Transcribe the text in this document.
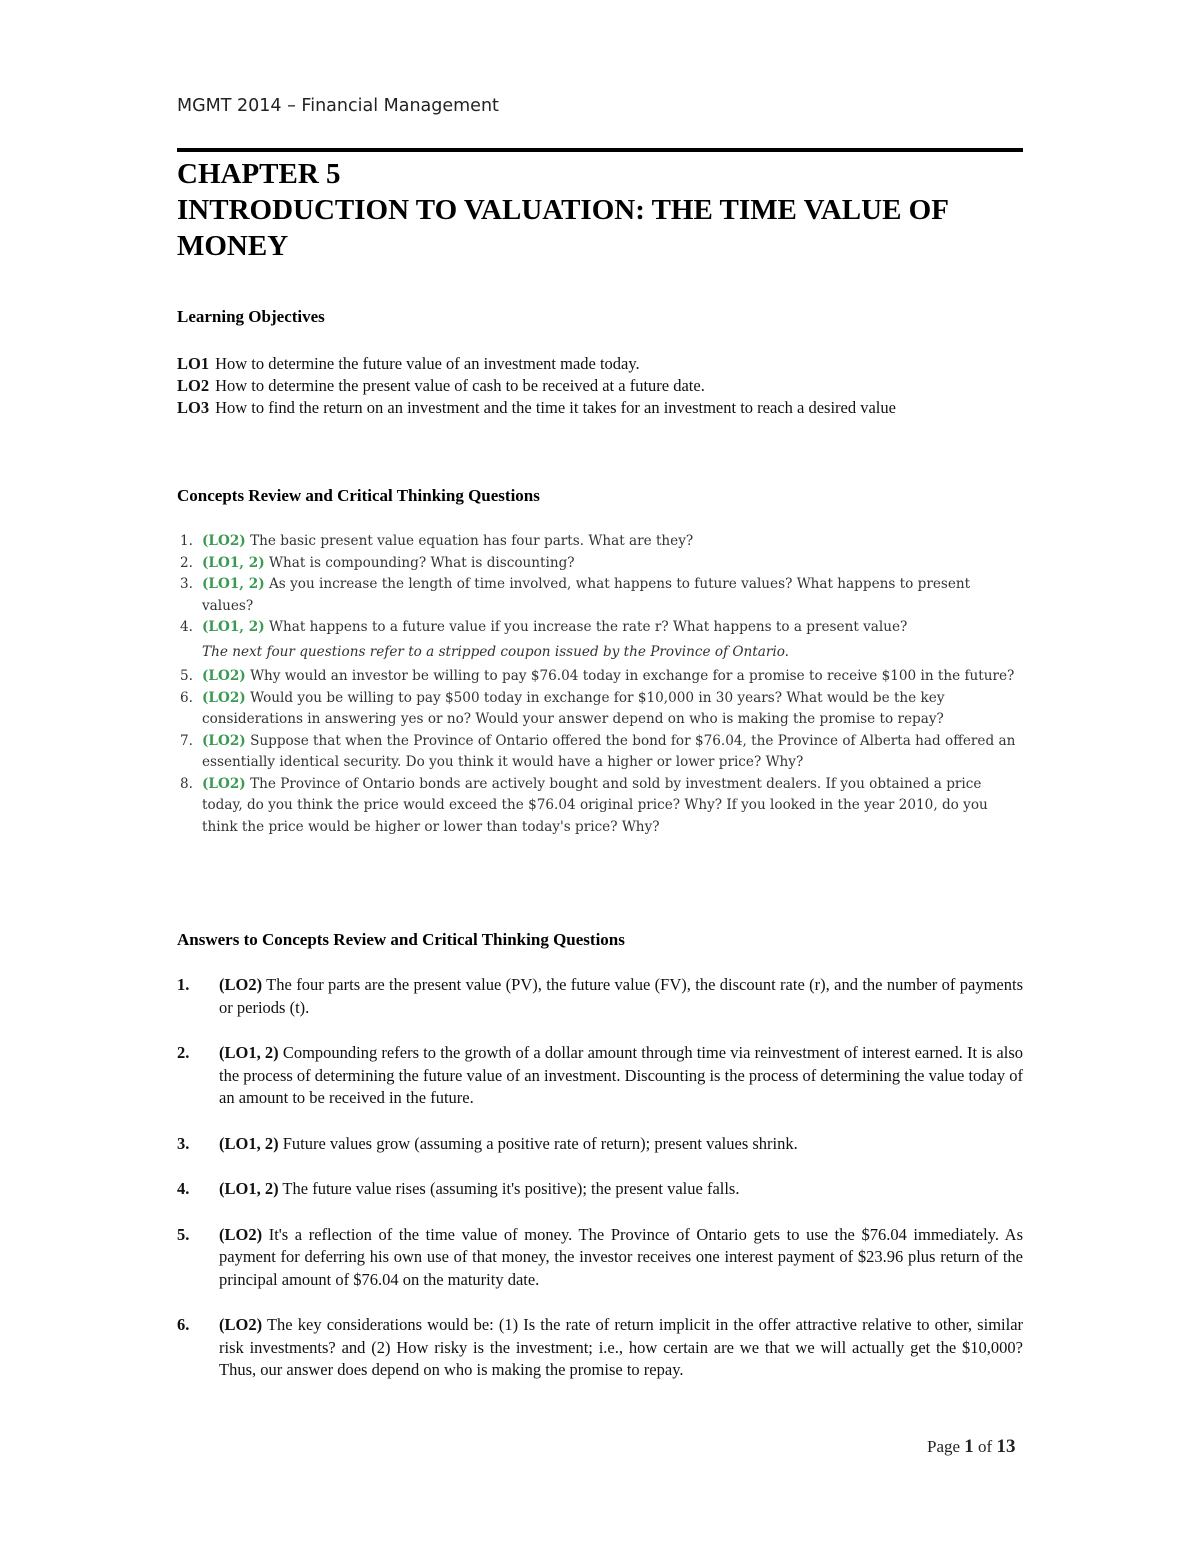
MGMT 2014 – Financial Management
CHAPTER 5
INTRODUCTION TO VALUATION: THE TIME VALUE OF
MONEY
Learning Objectives
LO1 How to determine the future value of an investment made today.
LO2 How to determine the present value of cash to be received at a future date.
LO3 How to find the return on an investment and the time it takes for an investment to reach a desired value
Concepts Review and Critical Thinking Questions
1. (LO2) The basic present value equation has four parts. What are they?
2. (LO1, 2) What is compounding? What is discounting?
3. (LO1, 2) As you increase the length of time involved, what happens to future values? What happens to present values?
4. (LO1, 2) What happens to a future value if you increase the rate r? What happens to a present value?
The next four questions refer to a stripped coupon issued by the Province of Ontario.
5. (LO2) Why would an investor be willing to pay $76.04 today in exchange for a promise to receive $100 in the future?
6. (LO2) Would you be willing to pay $500 today in exchange for $10,000 in 30 years? What would be the key considerations in answering yes or no? Would your answer depend on who is making the promise to repay?
7. (LO2) Suppose that when the Province of Ontario offered the bond for $76.04, the Province of Alberta had offered an essentially identical security. Do you think it would have a higher or lower price? Why?
8. (LO2) The Province of Ontario bonds are actively bought and sold by investment dealers. If you obtained a price today, do you think the price would exceed the $76.04 original price? Why? If you looked in the year 2010, do you think the price would be higher or lower than today's price? Why?
Answers to Concepts Review and Critical Thinking Questions
1. (LO2) The four parts are the present value (PV), the future value (FV), the discount rate (r), and the number of payments or periods (t).
2. (LO1, 2) Compounding refers to the growth of a dollar amount through time via reinvestment of interest earned. It is also the process of determining the future value of an investment. Discounting is the process of determining the value today of an amount to be received in the future.
3. (LO1, 2) Future values grow (assuming a positive rate of return); present values shrink.
4. (LO1, 2) The future value rises (assuming it's positive); the present value falls.
5. (LO2) It's a reflection of the time value of money. The Province of Ontario gets to use the $76.04 immediately. As payment for deferring his own use of that money, the investor receives one interest payment of $23.96 plus return of the principal amount of $76.04 on the maturity date.
6. (LO2) The key considerations would be: (1) Is the rate of return implicit in the offer attractive relative to other, similar risk investments? and (2) How risky is the investment; i.e., how certain are we that we will actually get the $10,000? Thus, our answer does depend on who is making the promise to repay.
Page 1 of 13
